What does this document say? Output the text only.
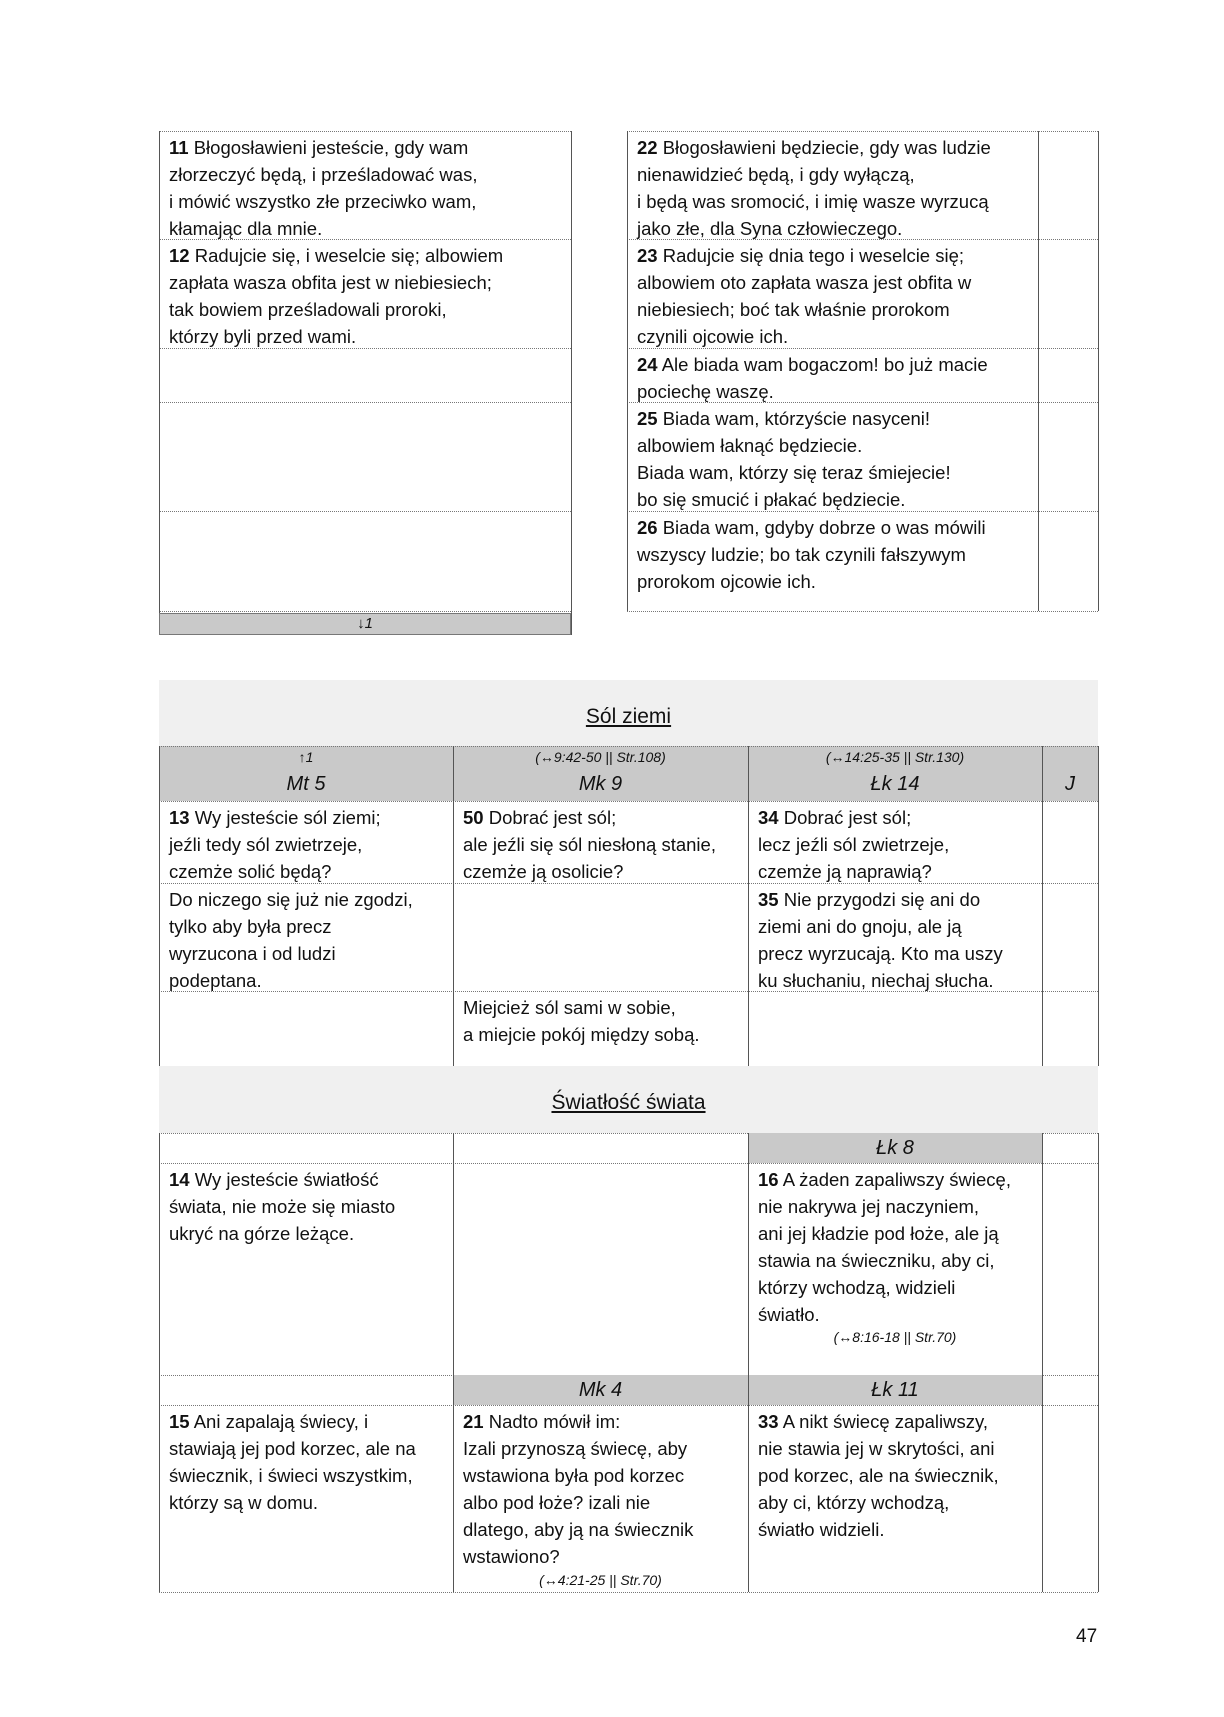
11 Błogosławieni jesteście, gdy wam
złorzeczyć będą, i prześladować was,
i mówić wszystko złe przeciwko wam,
kłamając dla mnie.
12 Radujcie się, i weselcie się; albowiem
zapłata wasza obfita jest w niebiesiech;
tak bowiem prześladowali proroki,
którzy byli przed wami.
22 Błogosławieni będziecie, gdy was ludzie
nienawidzieć będą, i gdy wyłączą,
i będą was sromocić, i imię wasze wyrzucą
jako złe, dla Syna człowieczego.
23 Radujcie się dnia tego i weselcie się;
albowiem oto zapłata wasza jest obfita w
niebiesiech; boć tak właśnie prorokom
czynili ojcowie ich.
24 Ale biada wam bogaczom! bo już macie
pociechę waszę.
25 Biada wam, którzyście nasyceni!
albowiem łaknąć będziecie.
Biada wam, którzy się teraz śmiejecie!
bo się smucić i płakać będziecie.
26 Biada wam, gdyby dobrze o was mówili
wszyscy ludzie; bo tak czynili fałszywym
prorokom ojcowie ich.
↓1
Sól ziemi
↑1
Mt 5
(↔9:42-50 || Str.108)
Mk 9
(↔14:25-35 || Str.130)
Łk 14	J
13 Wy jesteście sól ziemi;
jeźli tedy sól zwietrzeje,
czemże solić będą?
50 Dobrać jest sól;
ale jeźli się sól niesłoną stanie,
czemże ją osolicie?
34 Dobrać jest sól;
lecz jeźli sól zwietrzeje,
czemże ją naprawią?
Do niczego się już nie zgodzi,
tylko aby była precz
wyrzucona i od ludzi
podeptana.
35 Nie przygodzi się ani do
ziemi ani do gnoju, ale ją
precz wyrzucają. Kto ma uszy
ku słuchaniu, niechaj słucha.
Miejcież sól sami w sobie,
a miejcie pokój między sobą.
Światłość świata
Łk 8
14 Wy jesteście światłość
świata, nie może się miasto
ukryć na górze leżące.
16 A żaden zapaliwszy świecę,
nie nakrywa jej naczyniem,
ani jej kładzie pod łoże, ale ją
stawia na świeczniku, aby ci,
którzy wchodzą, widzieli
światło.
(↔8:16-18 || Str.70)
Mk 4	Łk 11
15 Ani zapalają świecy, i
stawiają jej pod korzec, ale na
świecznik, i świeci wszystkim,
którzy są w domu.
21 Nadto mówił im:
Izali przynoszą świecę, aby
wstawiona była pod korzec
albo pod łoże? izali nie
dlatego, aby ją na świecznik
wstawiono?
(↔4:21-25 || Str.70)
33 A nikt świecę zapaliwszy,
nie stawia jej w skrytości, ani
pod korzec, ale na świecznik,
aby ci, którzy wchodzą,
światło widzieli.
47
